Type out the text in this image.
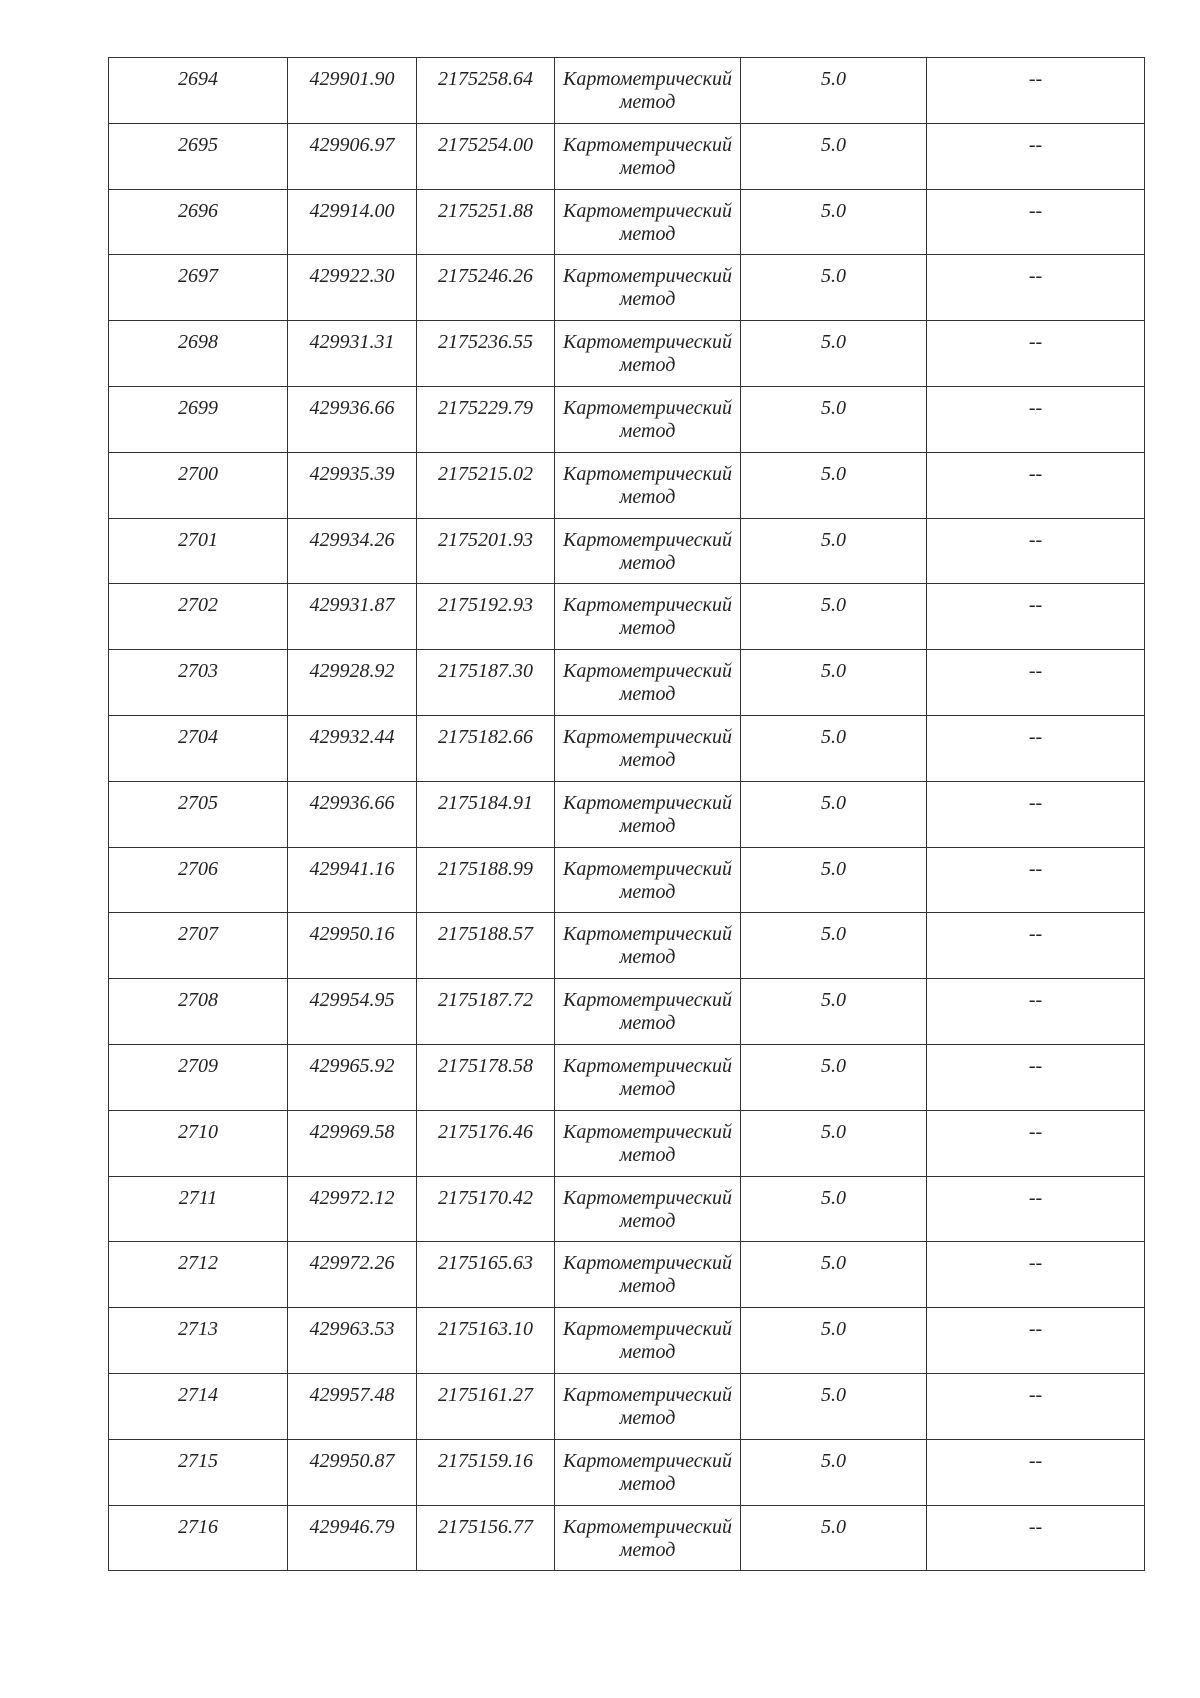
2694	429901.90	2175258.64	Картометрический
метод	5.0	--

2695	429906.97	2175254.00	Картометрический
метод	5.0	--

2696	429914.00	2175251.88	Картометрический
метод	5.0	--

2697	429922.30	2175246.26	Картометрический
метод	5.0	--

2698	429931.31	2175236.55	Картометрический
метод	5.0	--

2699	429936.66	2175229.79	Картометрический
метод	5.0	--

2700	429935.39	2175215.02	Картометрический
метод	5.0	--

2701	429934.26	2175201.93	Картометрический
метод	5.0	--

2702	429931.87	2175192.93	Картометрический
метод	5.0	--

2703	429928.92	2175187.30	Картометрический
метод	5.0	--

2704	429932.44	2175182.66	Картометрический
метод	5.0	--

2705	429936.66	2175184.91	Картометрический
метод	5.0	--

2706	429941.16	2175188.99	Картометрический
метод	5.0	--

2707	429950.16	2175188.57	Картометрический
метод	5.0	--

2708	429954.95	2175187.72	Картометрический
метод	5.0	--

2709	429965.92	2175178.58	Картометрический
метод	5.0	--

2710	429969.58	2175176.46	Картометрический
метод	5.0	--

2711	429972.12	2175170.42	Картометрический
метод	5.0	--

2712	429972.26	2175165.63	Картометрический
метод	5.0	--

2713	429963.53	2175163.10	Картометрический
метод	5.0	--

2714	429957.48	2175161.27	Картометрический
метод	5.0	--

2715	429950.87	2175159.16	Картометрический
метод	5.0	--

2716	429946.79	2175156.77	Картометрический
метод	5.0	--
